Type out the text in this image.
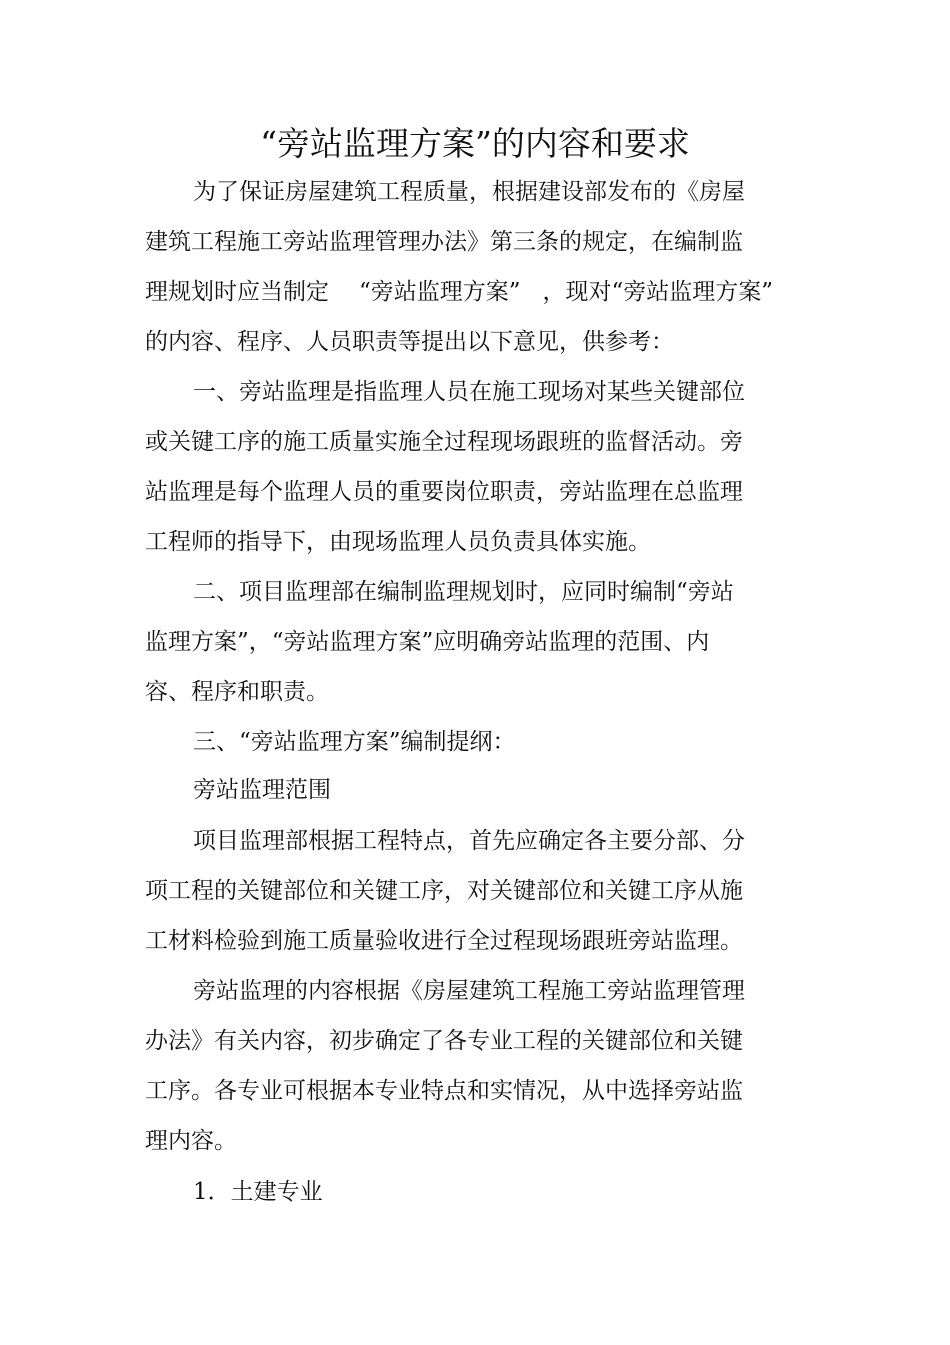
“旁站监理方案”的内容和要求
为了保证房屋建筑工程质量，根据建设部发布的《房屋
建筑工程施工旁站监理管理办法》第三条的规定，在编制监
理规划时应当制定 “旁站监理方案” ，现对“旁站监理方案”
的内容、程序、人员职责等提出以下意见，供参考：
一、旁站监理是指监理人员在施工现场对某些关键部位
或关键工序的施工质量实施全过程现场跟班的监督活动。旁
站监理是每个监理人员的重要岗位职责，旁站监理在总监理
工程师的指导下，由现场监理人员负责具体实施。
二、项目监理部在编制监理规划时，应同时编制“旁站
监理方案”，“旁站监理方案”应明确旁站监理的范围、内
容、程序和职责。
三、“旁站监理方案”编制提纲：
旁站监理范围
项目监理部根据工程特点，首先应确定各主要分部、分
项工程的关键部位和关键工序，对关键部位和关键工序从施
工材料检验到施工质量验收进行全过程现场跟班旁站监理。
旁站监理的内容根据《房屋建筑工程施工旁站监理管理
办法》有关内容，初步确定了各专业工程的关键部位和关键
工序。各专业可根据本专业特点和实情况，从中选择旁站监
理内容。
1．土建专业
